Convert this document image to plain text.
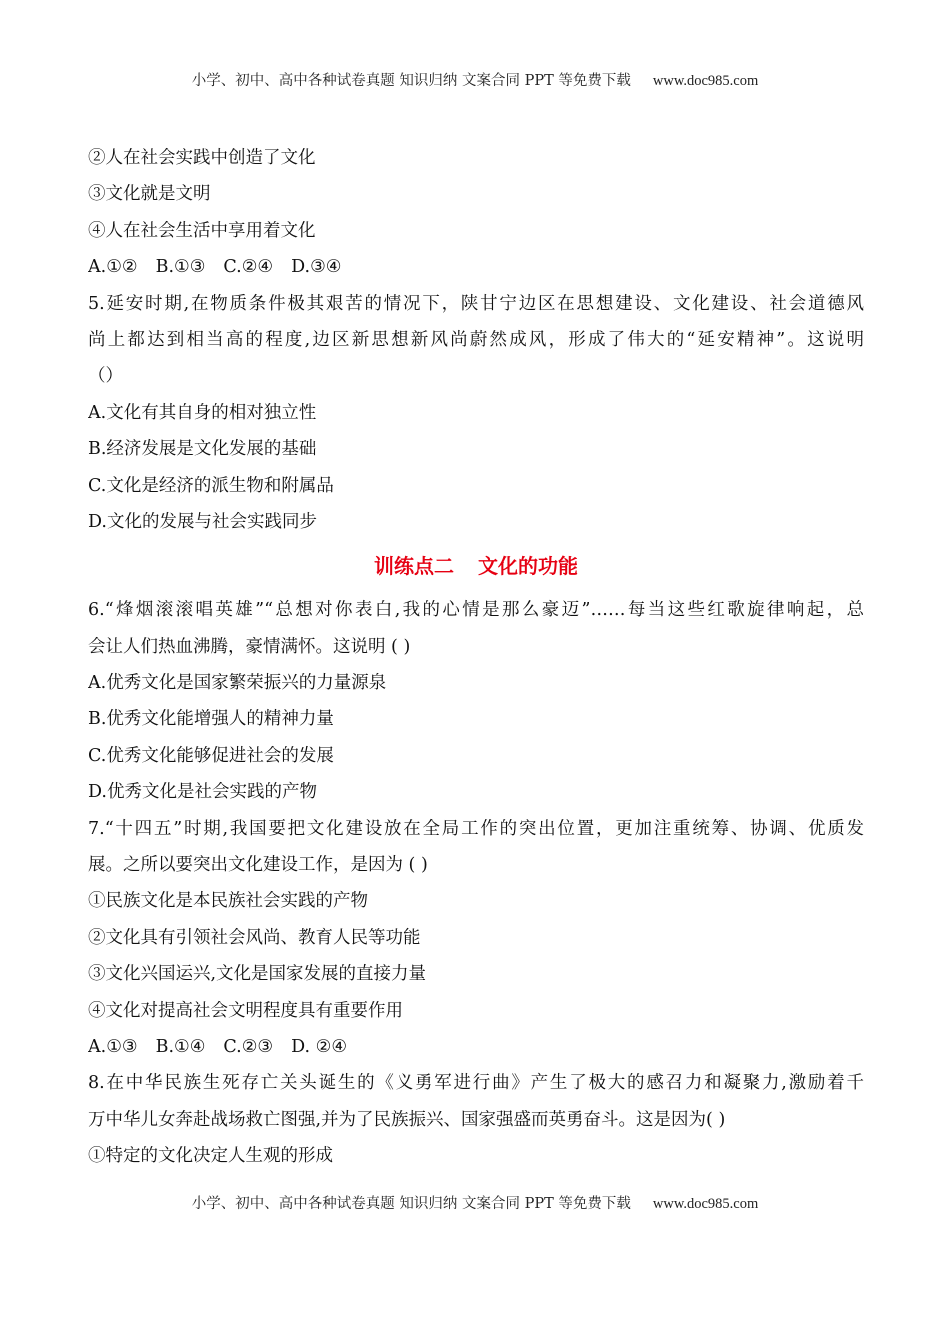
小学、初中、高中各种试卷真题 知识归纳 文案合同 PPT 等免费下载 www.doc985.com
②人在社会实践中创造了文化
③文化就是文明
④人在社会生活中享用着文化
A.①② B.①③ C.②④ D.③④
5.延安时期,在物质条件极其艰苦的情况下，陕甘宁边区在思想建设、文化建设、社会道德风
尚上都达到相当高的程度,边区新思想新风尚蔚然成风，形成了伟大的“延安精神”。这说明
（）
A.文化有其自身的相对独立性
B.经济发展是文化发展的基础
C.文化是经济的派生物和附属品
D.文化的发展与社会实践同步
训练点二 文化的功能
6.“烽烟滚滚唱英雄”“总想对你表白,我的心情是那么豪迈”……每当这些红歌旋律响起，总
会让人们热血沸腾，豪情满怀。这说明 ( )
A.优秀文化是国家繁荣振兴的力量源泉
B.优秀文化能增强人的精神力量
C.优秀文化能够促进社会的发展
D.优秀文化是社会实践的产物
7.“十四五”时期,我国要把文化建设放在全局工作的突出位置，更加注重统筹、协调、优质发
展。之所以要突出文化建设工作，是因为 ( )
①民族文化是本民族社会实践的产物
②文化具有引领社会风尚、教育人民等功能
③文化兴国运兴,文化是国家发展的直接力量
④文化对提高社会文明程度具有重要作用
A.①③ B.①④ C.②③ D. ②④
8.在中华民族生死存亡关头诞生的《义勇军进行曲》产生了极大的感召力和凝聚力,激励着千
万中华儿女奔赴战场救亡图强,并为了民族振兴、国家强盛而英勇奋斗。这是因为( )
①特定的文化决定人生观的形成
小学、初中、高中各种试卷真题 知识归纳 文案合同 PPT 等免费下载 www.doc985.com
